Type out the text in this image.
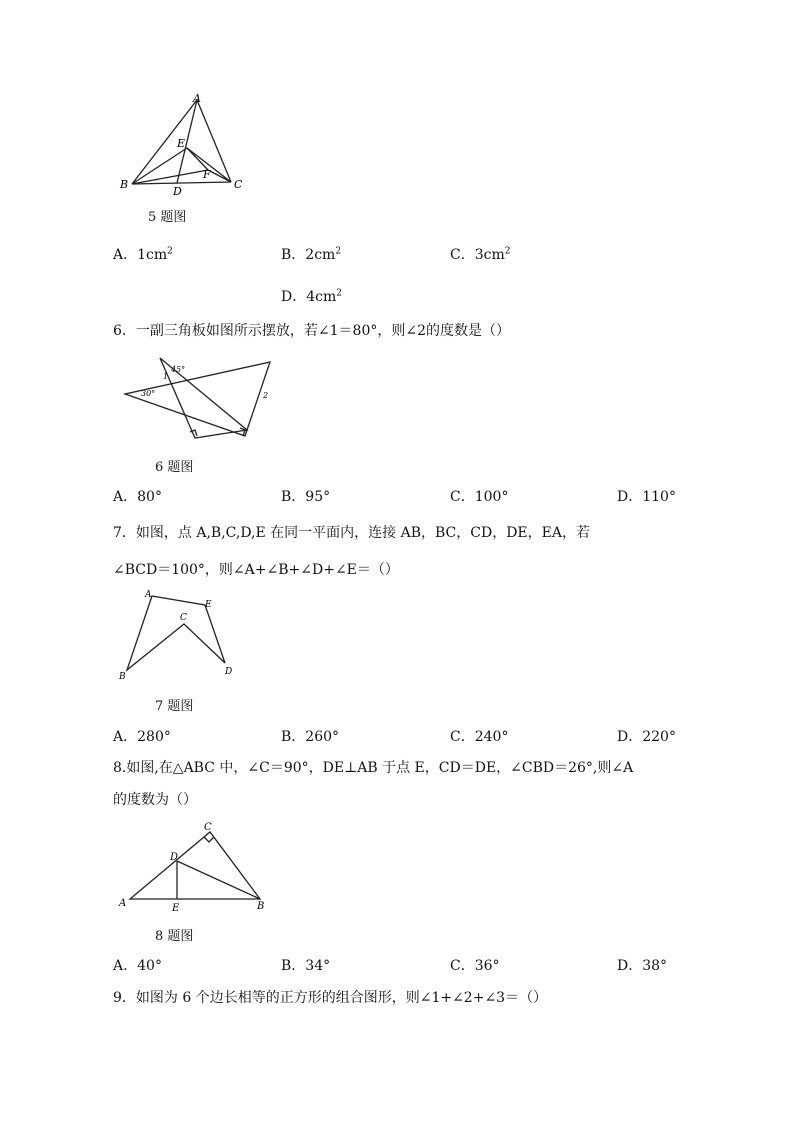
A
E
F
B
D
C
5 题图
A．$1cm^2$	B．$2cm^2$	C．$3cm^2$
D．$4cm^2$
6．一副三角板如图所示摆放，若∠1＝80°，则∠2的度数是（）
45°
30°
1
2
6 题图
A．80°	B．95°	C．100°	D．110°
7．如图，点 A,B,C,D,E 在同一平面内，连接 AB，BC，CD，DE，EA，若
∠BCD＝100°，则∠A+∠B+∠D+∠E＝（）
A
E
C
B	D
7 题图
A．280°	B．260°	C．240°	D．220°
8.如图,在△ABC 中，∠C＝90°，DE⊥AB 于点 E，CD＝DE，∠CBD＝26°,则∠A
的度数为（）
C
D
A	E	B
8 题图
A．40°	B．34°	C．36°	D．38°
9．如图为 6 个边长相等的正方形的组合图形，则∠1+∠2+∠3＝（）
